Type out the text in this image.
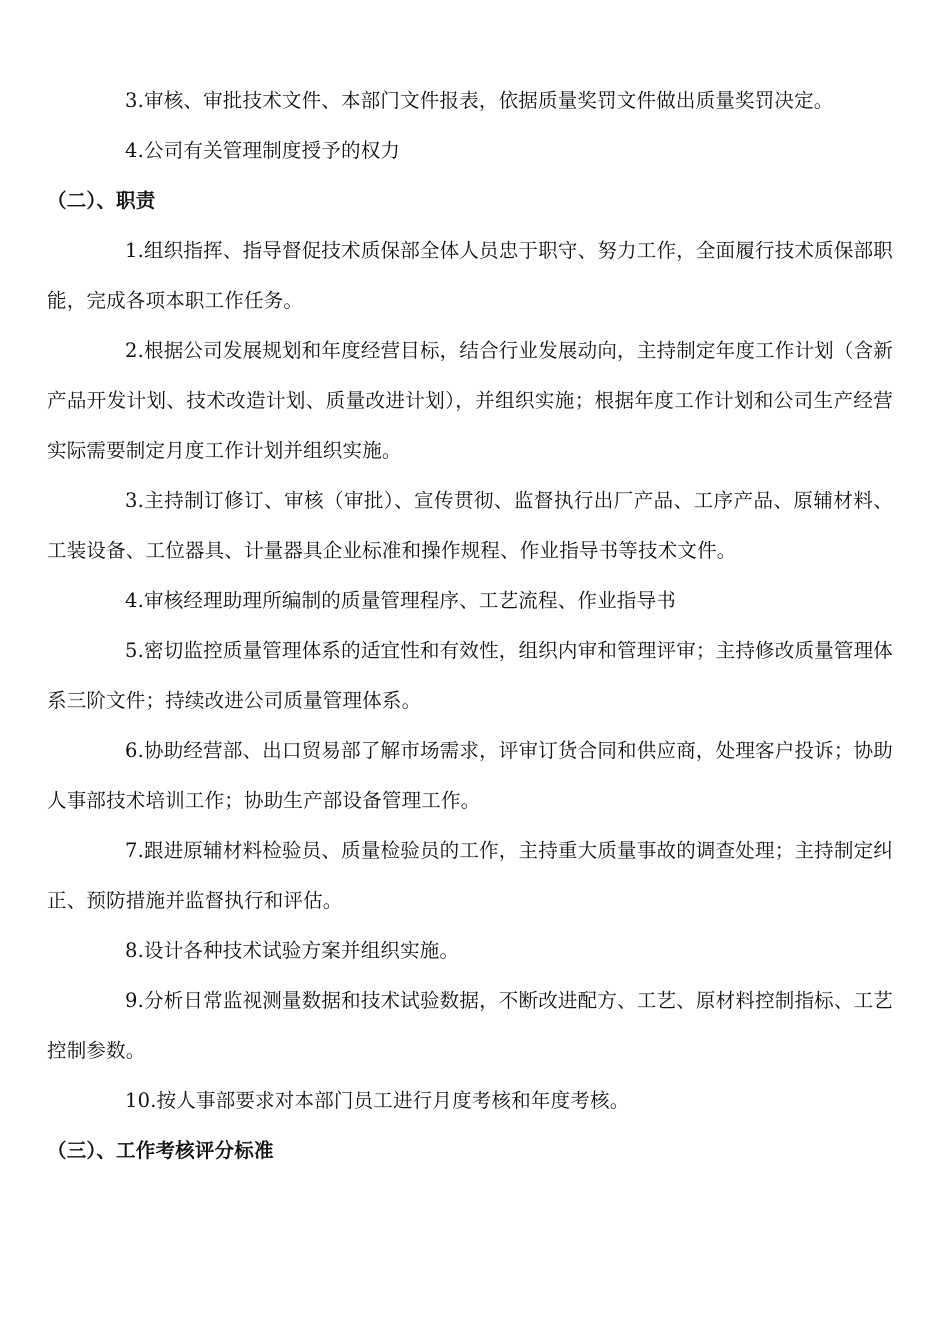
3.审核、审批技术文件、本部门文件报表，依据质量奖罚文件做出质量奖罚决定。

4.公司有关管理制度授予的权力

（二）、职责

1.组织指挥、指导督促技术质保部全体人员忠于职守、努力工作，全面履行技术质保部职能，完成各项本职工作任务。

2.根据公司发展规划和年度经营目标，结合行业发展动向，主持制定年度工作计划（含新产品开发计划、技术改造计划、质量改进计划），并组织实施；根据年度工作计划和公司生产经营实际需要制定月度工作计划并组织实施。

3.主持制订修订、审核（审批）、宣传贯彻、监督执行出厂产品、工序产品、原辅材料、工装设备、工位器具、计量器具企业标准和操作规程、作业指导书等技术文件。

4.审核经理助理所编制的质量管理程序、工艺流程、作业指导书

5.密切监控质量管理体系的适宜性和有效性，组织内审和管理评审；主持修改质量管理体系三阶文件；持续改进公司质量管理体系。

6.协助经营部、出口贸易部了解市场需求，评审订货合同和供应商，处理客户投诉；协助人事部技术培训工作；协助生产部设备管理工作。

7.跟进原辅材料检验员、质量检验员的工作，主持重大质量事故的调查处理；主持制定纠正、预防措施并监督执行和评估。

8.设计各种技术试验方案并组织实施。

9.分析日常监视测量数据和技术试验数据，不断改进配方、工艺、原材料控制指标、工艺控制参数。

10.按人事部要求对本部门员工进行月度考核和年度考核。

（三）、工作考核评分标准
